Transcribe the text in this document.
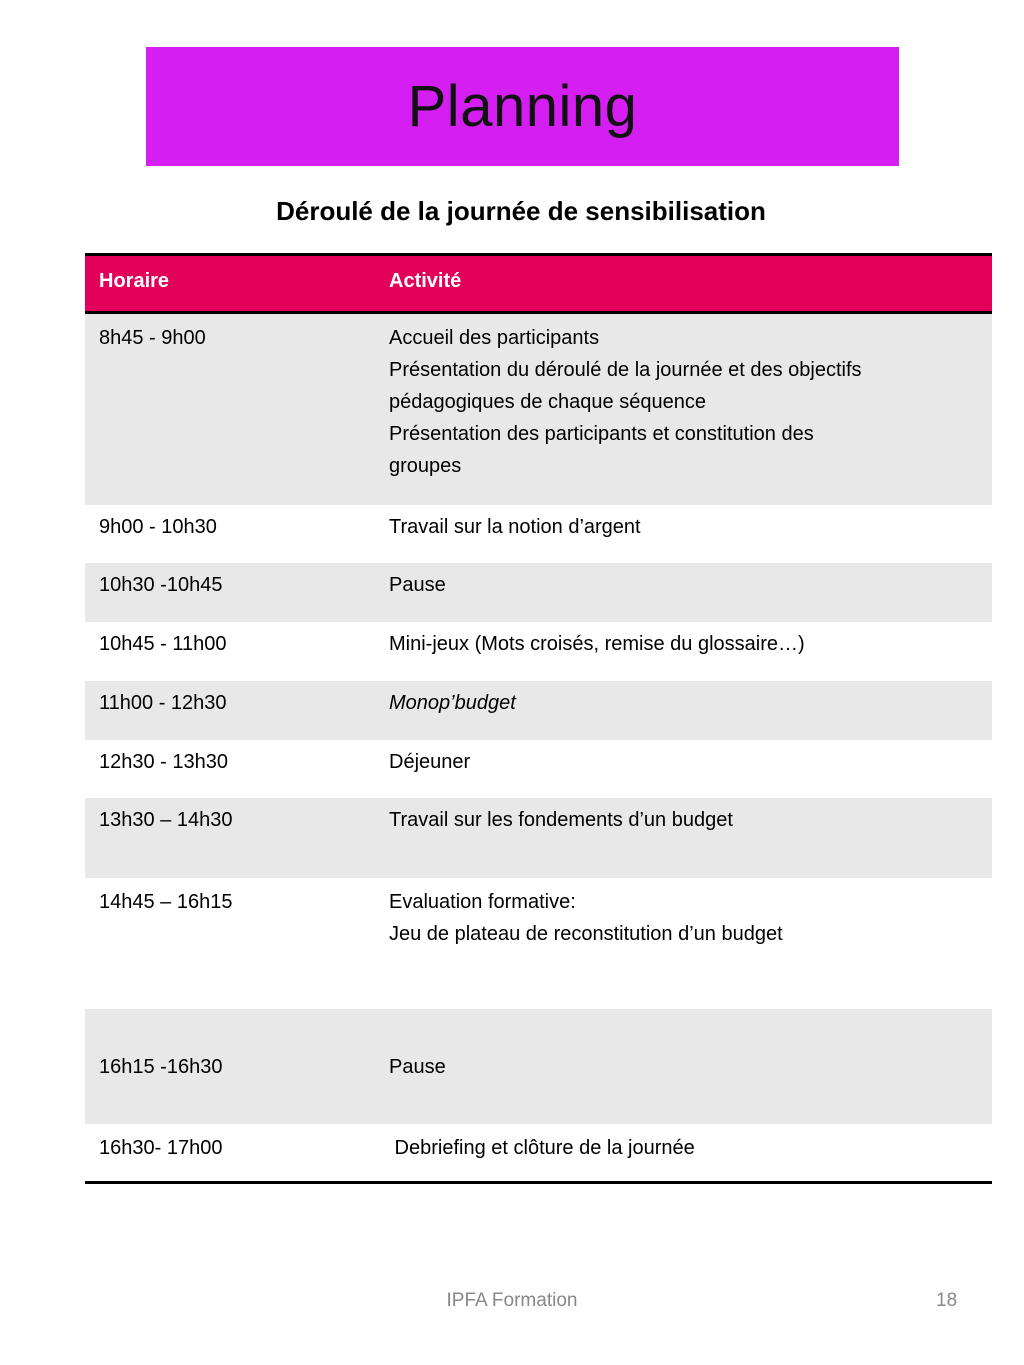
Planning
Déroulé de la journée de sensibilisation
Horaire	Activité
8h45 - 9h00	Accueil des participants
Présentation du déroulé de la journée et des objectifs
pédagogiques de chaque séquence
Présentation des participants et constitution des
groupes
9h00 - 10h30	Travail sur la notion d’argent
10h30 -10h45	Pause
10h45 - 11h00	Mini-jeux (Mots croisés, remise du glossaire…)
11h00 - 12h30	Monop’budget
12h30 - 13h30	Déjeuner
13h30 – 14h30	Travail sur les fondements d’un budget
14h45 – 16h15	Evaluation formative:
Jeu de plateau de reconstitution d’un budget
16h15 -16h30	Pause
16h30- 17h00	Debriefing et clôture de la journée
IPFA Formation	18
